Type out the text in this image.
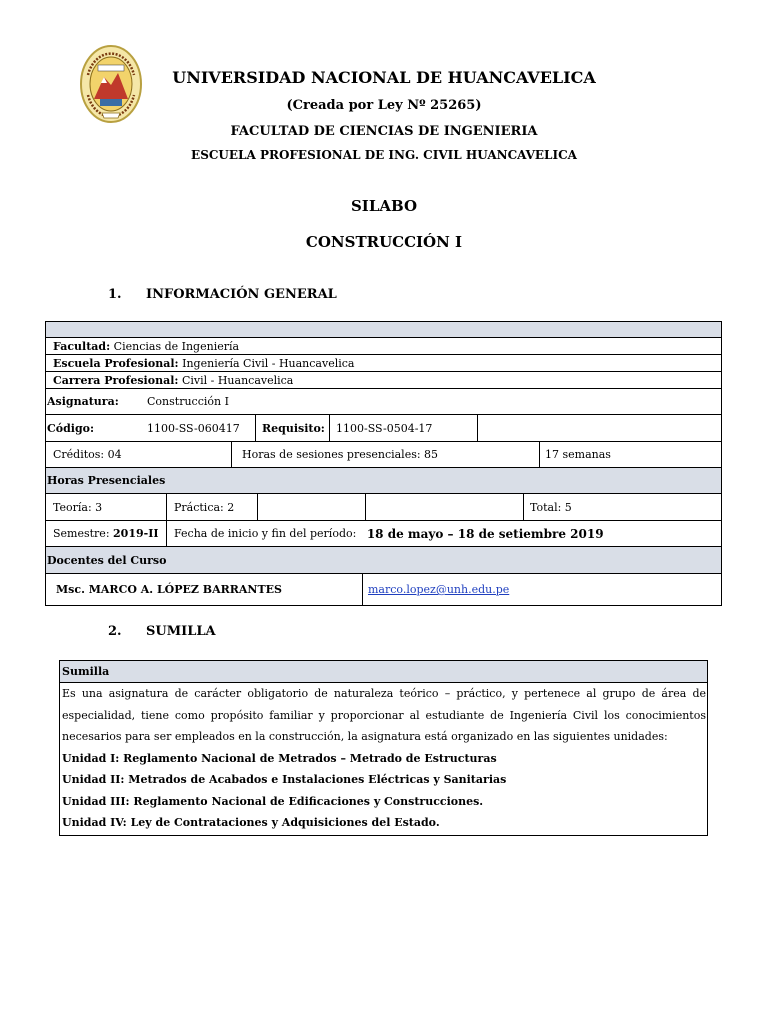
UNIVERSIDAD NACIONAL DE HUANCAVELICA
(Creada por Ley Nº 25265)
FACULTAD DE CIENCIAS DE INGENIERIA
ESCUELA PROFESIONAL DE ING. CIVIL HUANCAVELICA
SILABO
CONSTRUCCIÓN I
1. INFORMACIÓN GENERAL
Facultad:
Ciencias de Ingeniería
Escuela Profesional:
Ingeniería Civil - Huancavelica
Carrera Profesional:
Civil - Huancavelica
Asignatura:	Construcción I
Código:	1100-SS-060417 Requisito: 1100-SS-0504-17
Créditos: 04	Horas de sesiones presenciales: 85	17 semanas
Horas Presenciales
Teoría: 3	Práctica: 2	Total: 5
Semestre:
2019-II Fecha de inicio y fin del período:
18 de mayo – 18 de setiembre 2019
Docentes del Curso
Msc. MARCO A. LÓPEZ BARRANTES	marco.lopez@unh.edu.pe
2. SUMILLA
Sumilla
Es una asignatura de carácter obligatorio de naturaleza teórico – práctico, y pertenece al grupo de área de especialidad, tiene como propósito familiar y proporcionar al estudiante de Ingeniería Civil los conocimientos necesarios para ser empleados en la construcción, la asignatura está organizado en las siguientes unidades:
Unidad I: Reglamento Nacional de Metrados – Metrado de Estructuras
Unidad II: Metrados de Acabados e Instalaciones Eléctricas y Sanitarias
Unidad III: Reglamento Nacional de Edificaciones y Construcciones.
Unidad IV: Ley de Contrataciones y Adquisiciones del Estado.
